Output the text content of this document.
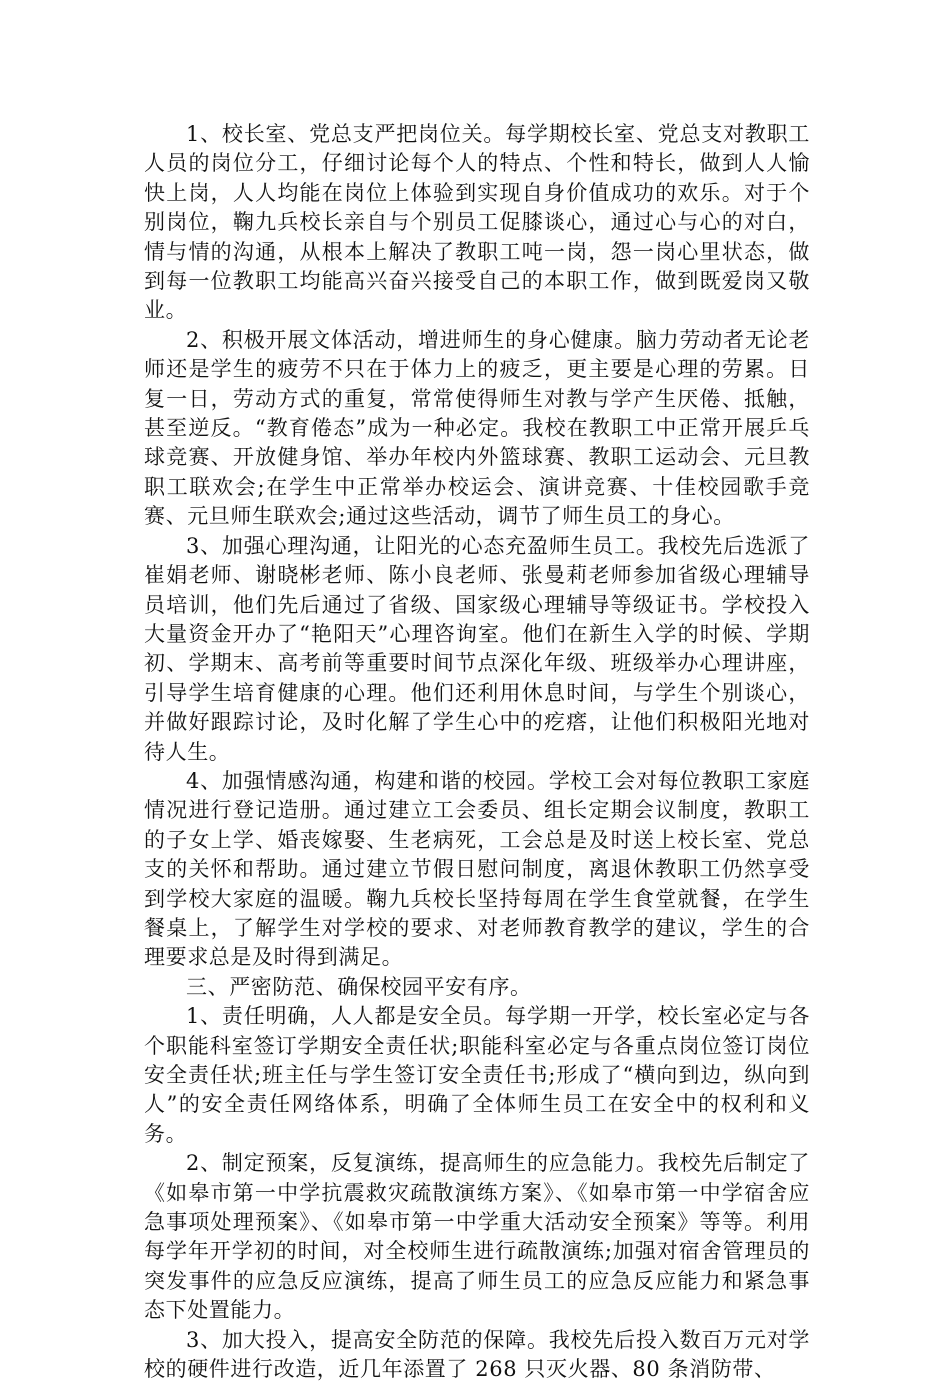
1、校长室、党总支严把岗位关。每学期校长室、党总支对教职工人员的岗位分工，仔细讨论每个人的特点、个性和特长，做到人人愉快上岗，人人均能在岗位上体验到实现自身价值成功的欢乐。对于个别岗位，鞠九兵校长亲自与个别员工促膝谈心，通过心与心的对白，情与情的沟通，从根本上解决了教职工吨一岗，怨一岗心里状态，做到每一位教职工均能高兴奋兴接受自己的本职工作，做到既爱岗又敬业。

2、积极开展文体活动，增进师生的身心健康。脑力劳动者无论老师还是学生的疲劳不只在于体力上的疲乏，更主要是心理的劳累。日复一日，劳动方式的重复，常常使得师生对教与学产生厌倦、抵触，甚至逆反。“教育倦态”成为一种必定。我校在教职工中正常开展乒乓球竞赛、开放健身馆、举办年校内外篮球赛、教职工运动会、元旦教职工联欢会;在学生中正常举办校运会、演讲竞赛、十佳校园歌手竞赛、元旦师生联欢会;通过这些活动，调节了师生员工的身心。

3、加强心理沟通，让阳光的心态充盈师生员工。我校先后选派了崔娟老师、谢晓彬老师、陈小良老师、张曼莉老师参加省级心理辅导员培训，他们先后通过了省级、国家级心理辅导等级证书。学校投入大量资金开办了“艳阳天”心理咨询室。他们在新生入学的时候、学期初、学期末、高考前等重要时间节点深化年级、班级举办心理讲座，引导学生培育健康的心理。他们还利用休息时间，与学生个别谈心，并做好跟踪讨论，及时化解了学生心中的疙瘩，让他们积极阳光地对待人生。

4、加强情感沟通，构建和谐的校园。学校工会对每位教职工家庭情况进行登记造册。通过建立工会委员、组长定期会议制度，教职工的子女上学、婚丧嫁娶、生老病死，工会总是及时送上校长室、党总支的关怀和帮助。通过建立节假日慰问制度，离退休教职工仍然享受到学校大家庭的温暖。鞠九兵校长坚持每周在学生食堂就餐，在学生餐桌上，了解学生对学校的要求、对老师教育教学的建议，学生的合理要求总是及时得到满足。

三、严密防范、确保校园平安有序。

1、责任明确，人人都是安全员。每学期一开学，校长室必定与各个职能科室签订学期安全责任状;职能科室必定与各重点岗位签订岗位安全责任状;班主任与学生签订安全责任书;形成了“横向到边，纵向到人”的安全责任网络体系，明确了全体师生员工在安全中的权利和义务。

2、制定预案，反复演练，提高师生的应急能力。我校先后制定了《如皋市第一中学抗震救灾疏散演练方案》、《如皋市第一中学宿舍应急事项处理预案》、《如皋市第一中学重大活动安全预案》等等。利用每学年开学初的时间，对全校师生进行疏散演练;加强对宿舍管理员的突发事件的应急反应演练，提高了师生员工的应急反应能力和紧急事态下处置能力。

3、加大投入，提高安全防范的保障。我校先后投入数百万元对学校的硬件进行改造，近几年添置了 268 只灭火器、80 条消防带、
